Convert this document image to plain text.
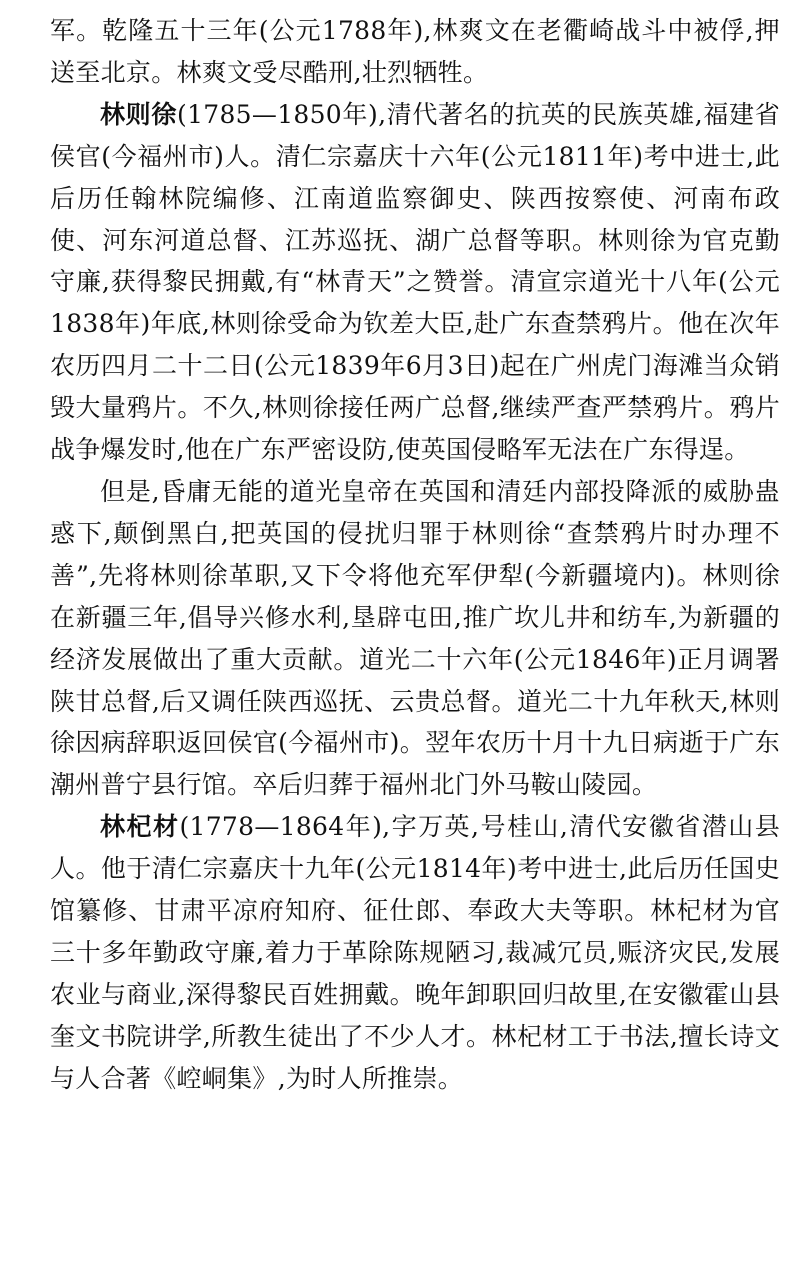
军。乾隆五十三年(公元1788年),林爽文在老衢崎战斗中被俘,押送至北京。林爽文受尽酷刑,壮烈牺牲。

林则徐(1785—1850年),清代著名的抗英的民族英雄,福建省侯官(今福州市)人。清仁宗嘉庆十六年(公元1811年)考中进士,此后历任翰林院编修、江南道监察御史、陕西按察使、河南布政使、河东河道总督、江苏巡抚、湖广总督等职。林则徐为官克勤守廉,获得黎民拥戴,有“林青天”之赞誉。清宣宗道光十八年(公元1838年)年底,林则徐受命为钦差大臣,赴广东查禁鸦片。他在次年农历四月二十二日(公元1839年6月3日)起在广州虎门海滩当众销毁大量鸦片。不久,林则徐接任两广总督,继续严查严禁鸦片。鸦片战争爆发时,他在广东严密设防,使英国侵略军无法在广东得逞。

但是,昏庸无能的道光皇帝在英国和清廷内部投降派的威胁蛊惑下,颠倒黑白,把英国的侵扰归罪于林则徐“查禁鸦片时办理不善”,先将林则徐革职,又下令将他充军伊犁(今新疆境内)。林则徐在新疆三年,倡导兴修水利,垦辟屯田,推广坎儿井和纺车,为新疆的经济发展做出了重大贡献。道光二十六年(公元1846年)正月调署陕甘总督,后又调任陕西巡抚、云贵总督。道光二十九年秋天,林则徐因病辞职返回侯官(今福州市)。翌年农历十月十九日病逝于广东潮州普宁县行馆。卒后归葬于福州北门外马鞍山陵园。

林杞材(1778—1864年),字万英,号桂山,清代安徽省潜山县人。他于清仁宗嘉庆十九年(公元1814年)考中进士,此后历任国史馆纂修、甘肃平凉府知府、征仕郎、奉政大夫等职。林杞材为官三十多年勤政守廉,着力于革除陈规陋习,裁减冗员,赈济灾民,发展农业与商业,深得黎民百姓拥戴。晚年卸职回归故里,在安徽霍山县奎文书院讲学,所教生徒出了不少人才。林杞材工于书法,擅长诗文与人合著《崆峒集》,为时人所推崇。
